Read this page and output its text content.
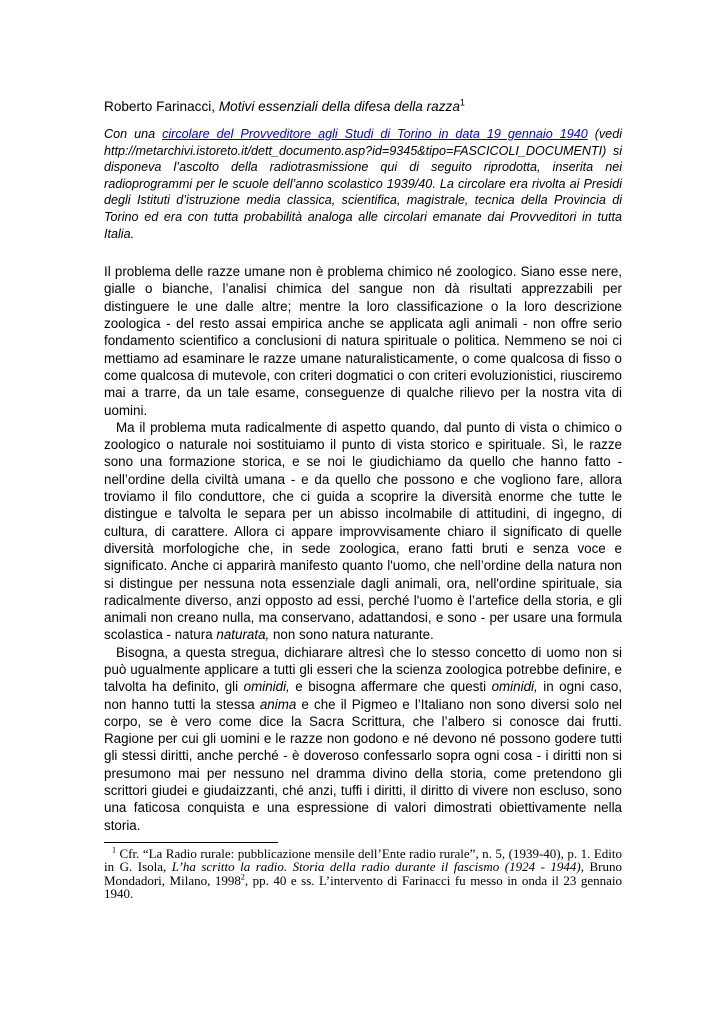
Roberto Farinacci, Motivi essenziali della difesa della razza$^1$
Con una circolare del Provveditore agli Studi di Torino in data 19 gennaio 1940 (vedi http://metarchivi.istoreto.it/dett_documento.asp?id=9345&tipo=FASCICOLI_DOCUMENTI) si disponeva l’ascolto della radiotrasmissione qui di seguito riprodotta, inserita nei radioprogrammi per le scuole dell’anno scolastico 1939/40. La circolare era rivolta ai Presidi degli Istituti d’istruzione media classica, scientifica, magistrale, tecnica della Provincia di Torino ed era con tutta probabilità analoga alle circolari emanate dai Provveditori in tutta Italia.

Il problema delle razze umane non è problema chimico né zoologico. Siano esse nere, gialle o bianche, l’analisi chimica del sangue non dà risultati apprezzabili per distinguere le une dalle altre; mentre la loro classificazione o la loro descrizione zoologica - del resto assai empirica anche se applicata agli animali - non offre serio fondamento scientifico a conclusioni di natura spirituale o politica. Nemmeno se noi ci mettiamo ad esaminare le razze umane naturalisticamente, o come qualcosa di fisso o come qualcosa di mutevole, con criteri dogmatici o con criteri evoluzionistici, riusciremo mai a trarre, da un tale esame, conseguenze di qualche rilievo per la nostra vita di uomini.

Ma il problema muta radicalmente di aspetto quando, dal punto di vista o chimico o zoologico o naturale noi sostituiamo il punto di vista storico e spirituale. Sì, le razze sono una formazione storica, e se noi le giudichiamo da quello che hanno fatto - nell’ordine della civiltà umana - e da quello che possono e che vogliono fare, allora troviamo il filo conduttore, che ci guida a scoprire la diversità enorme che tutte le distingue e talvolta le separa per un abisso incolmabile di attitudini, di ingegno, di cultura, di carattere. Allora ci appare improvvisamente chiaro il significato di quelle diversità morfologiche che, in sede zoologica, erano fatti bruti e senza voce e significato. Anche ci apparirà manifesto quanto l'uomo, che nell’ordine della natura non si distingue per nessuna nota essenziale dagli animali, ora, nell'ordine spirituale, sia radicalmente diverso, anzi opposto ad essi, perché l'uomo è l’artefice della storia, e gli animali non creano nulla, ma conservano, adattandosi, e sono - per usare una formula scolastica - natura naturata, non sono natura naturante.

Bisogna, a questa stregua, dichiarare altresì che lo stesso concetto di uomo non si può ugualmente applicare a tutti gli esseri che la scienza zoologica potrebbe definire, e talvolta ha definito, gli ominidi, e bisogna affermare che questi ominidi, in ogni caso, non hanno tutti la stessa anima e che il Pigmeo e l’Italiano non sono diversi solo nel corpo, se è vero come dice la Sacra Scrittura, che l’albero si conosce dai frutti. Ragione per cui gli uomini e le razze non godono e né devono né possono godere tutti gli stessi diritti, anche perché - è doveroso confessarlo sopra ogni cosa - i diritti non si presumono mai per nessuno nel dramma divino della storia, come pretendono gli scrittori giudei e giudaizzanti, ché anzi, tuffi i diritti, il diritto di vivere non escluso, sono una faticosa conquista e una espressione di valori dimostrati obiettivamente nella storia.

$^1$ Cfr. “La Radio rurale: pubblicazione mensile dell’Ente radio rurale”, n. 5, (1939-40), p. 1. Edito in G. Isola, L’ha scritto la radio. Storia della radio durante il fascismo (1924 - 1944), Bruno Mondadori, Milano, 1998$^2$, pp. 40 e ss. L’intervento di Farinacci fu messo in onda il 23 gennaio 1940.
